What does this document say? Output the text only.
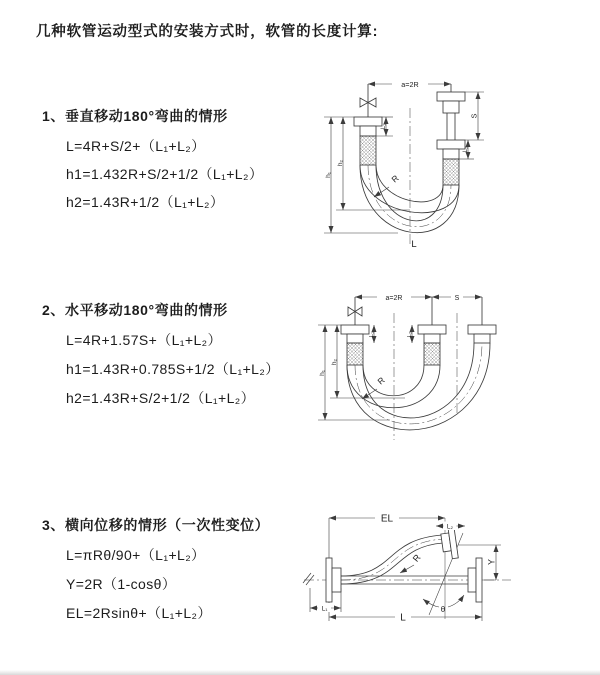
几种软管运动型式的安装方式时，软管的长度计算:
1、垂直移动180°弯曲的情形
L=4R+S/2+（L₁+L₂）
h1=1.432R+S/2+1/2（L₁+L₂）
h2=1.43R+1/2（L₁+L₂）
2、水平移动180°弯曲的情形
L=4R+1.57S+（L₁+L₂）
h1=1.43R+0.785S+1/2（L₁+L₂）
h2=1.43R+S/2+1/2（L₁+L₂）
3、横向位移的情形（一次性变位）
L=πRθ/90+（L₁+L₂）
Y=2R（1-cosθ）
EL=2Rsinθ+（L₁+L₂）
a=2R
S
L₂
L₁
h₂
h₁	R
L
a=2R	S
L₁	L₂
h₂
h₁
R
EL
L₂
Y
L
L₁
R
θ
